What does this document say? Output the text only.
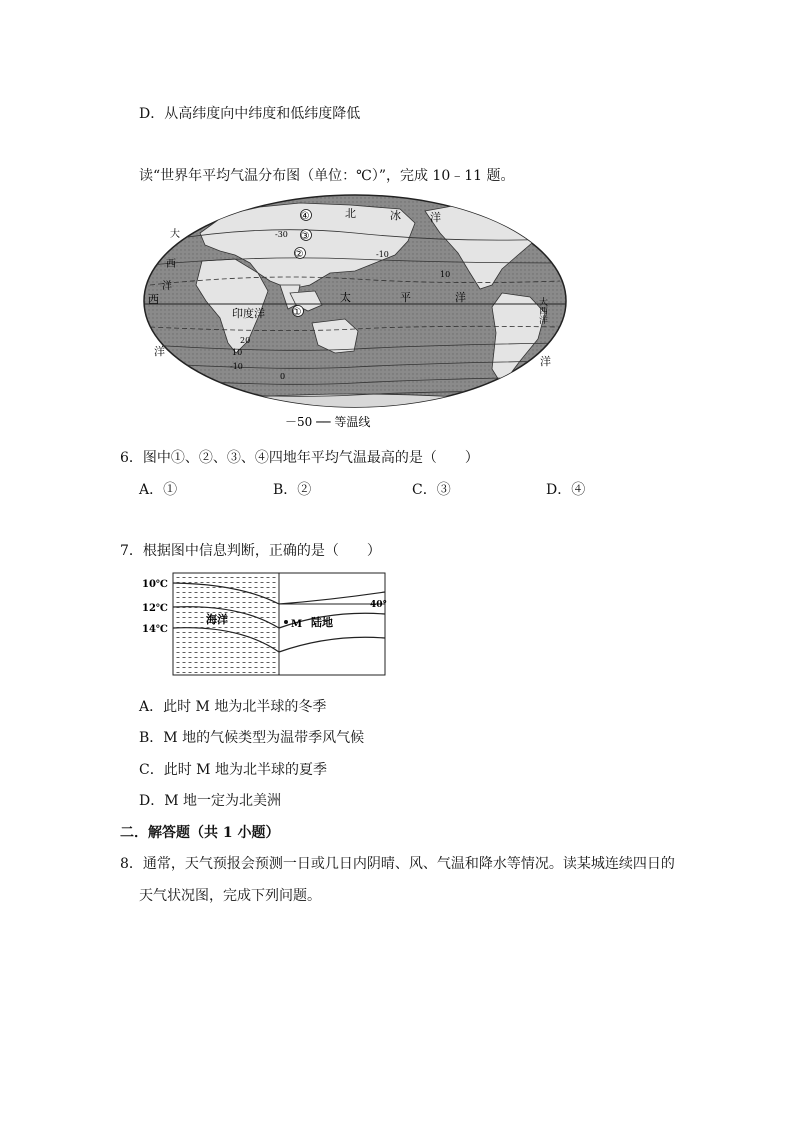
D．从高纬度向中纬度和低纬度降低
读“世界年平均气温分布图（单位：℃）”，完成 10﹣11 题。
北	冰	洋
大
西
洋
西
印度洋
太	平	洋	大西洋
洋
洋
-30
-10
10
20
10
-10
0
①
②
③
④
－50 ── 等温线
6．图中①、②、③、④四地年平均气温最高的是（　　）
A．①	B．②	C．③	D．④
7．根据图中信息判断，正确的是（　　）
10℃
12℃
14℃
海洋	M 陆地
40°
A．此时 M 地为北半球的冬季
B．M 地的气候类型为温带季风气候
C．此时 M 地为北半球的夏季
D．M 地一定为北美洲
二．解答题（共 1 小题）
8．通常，天气预报会预测一日或几日内阴晴、风、气温和降水等情况。读某城连续四日的
天气状况图，完成下列问题。
